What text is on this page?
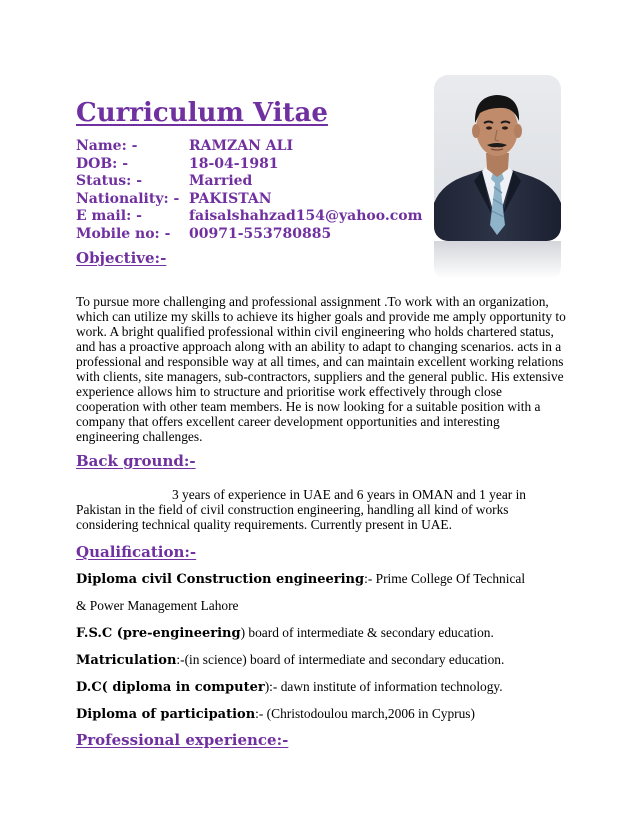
Curriculum Vitae
Name: -	RAMZAN ALI
DOB: -	18-04-1981
Status: -	Married
Nationality: - PAKISTAN
E mail: -	faisalshahzad154@yahoo.com
Mobile no: -	00971-553780885
Objective:-

To pursue more challenging and professional assignment .To work with an organization, which can utilize my skills to achieve its higher goals and provide me amply opportunity to work. A bright qualified professional within civil engineering who holds chartered status, and has a proactive approach along with an ability to adapt to changing scenarios. acts in a professional and responsible way at all times, and can maintain excellent working relations with clients, site managers, sub-contractors, suppliers and the general public. His extensive experience allows him to structure and prioritise work effectively through close cooperation with other team members. He is now looking for a suitable position with a company that offers excellent career development opportunities and interesting engineering challenges.

Back ground:-

3 years of experience in UAE and 6 years in OMAN and 1 year in
Pakistan in the field of civil construction engineering, handling all kind of works considering technical quality requirements. Currently present in UAE.

Qualification:-

Diploma civil Construction engineering:- Prime College Of Technical

& Power Management Lahore

F.S.C (pre-engineering) board of intermediate & secondary education.

Matriculation:-(in science) board of intermediate and secondary education.

D.C( diploma in computer):- dawn institute of information technology.

Diploma of participation:- (Christodoulou march,2006 in Cyprus)

Professional experience:-
